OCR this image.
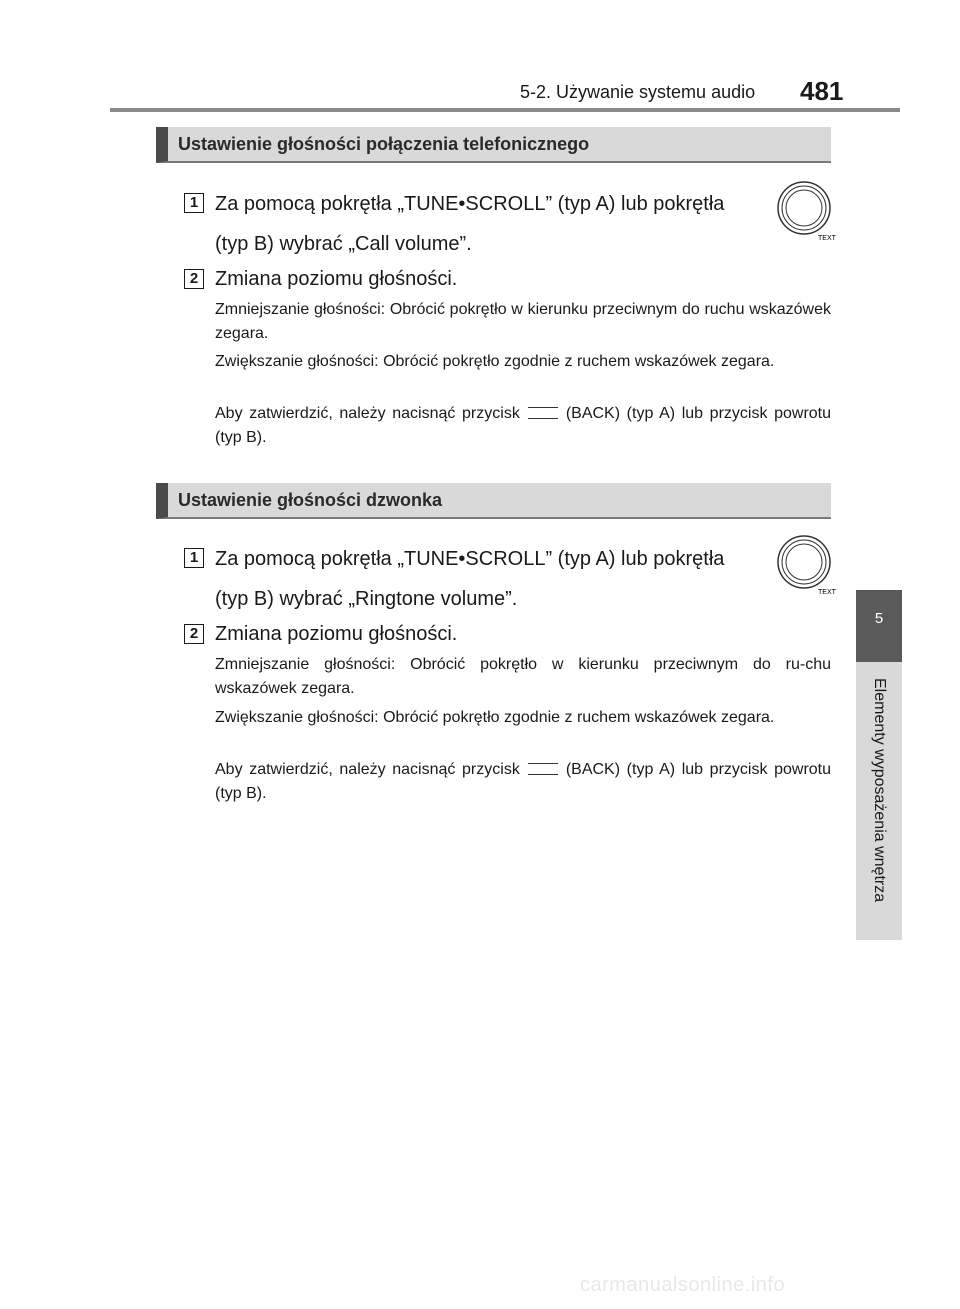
5-2. Używanie systemu audio 481
5
Elementy wyposażenia wnętrza
Ustawienie głośności połączenia telefonicznego
1 Za pomocą pokrętła „TUNE•SCROLL” (typ A) lub pokrętła
(typ B) wybrać „Call volume”.	TEXT
2 Zmiana poziomu głośności.
Zmniejszanie głośności: Obrócić pokrętło w kierunku przeciwnym do ruchu wskazówek zegara.
Zwiększanie głośności: Obrócić pokrętło zgodnie z ruchem wskazówek zegara.
Aby zatwierdzić, należy nacisnąć przycisk	(BACK) (typ A) lub przycisk powrotu (typ B).
Ustawienie głośności dzwonka
1 Za pomocą pokrętła „TUNE•SCROLL” (typ A) lub pokrętła
(typ B) wybrać „Ringtone volume”.	TEXT
2 Zmiana poziomu głośności.
Zmniejszanie głośności: Obrócić pokrętło w kierunku przeciwnym do ru-chu wskazówek zegara.
Zwiększanie głośności: Obrócić pokrętło zgodnie z ruchem wskazówek zegara.
Aby zatwierdzić, należy nacisnąć przycisk	(BACK) (typ A) lub przycisk powrotu (typ B).
carmanualsonline.info
